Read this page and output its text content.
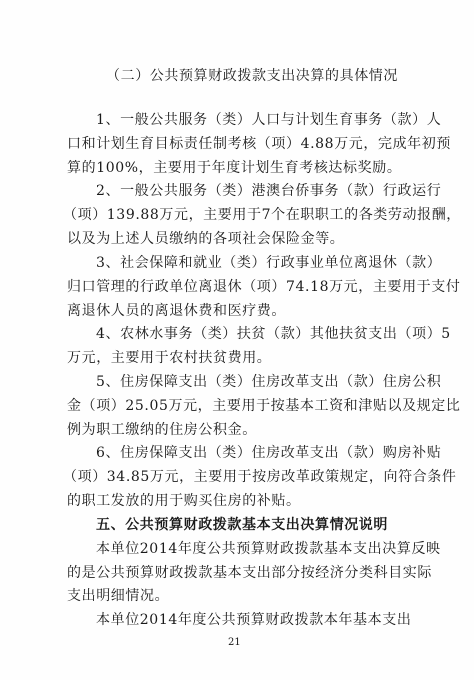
（二）公共预算财政拨款支出决算的具体情况
1、一般公共服务（类）人口与计划生育事务（款）人
口和计划生育目标责任制考核（项）4.88万元，完成年初预
算的100%，主要用于年度计划生育考核达标奖励。
2、一般公共服务（类）港澳台侨事务（款）行政运行
（项）139.88万元，主要用于7个在职职工的各类劳动报酬，
以及为上述人员缴纳的各项社会保险金等。
3、社会保障和就业（类）行政事业单位离退休（款）
归口管理的行政单位离退休（项）74.18万元，主要用于支付
离退休人员的离退休费和医疗费。
4、农林水事务（类）扶贫（款）其他扶贫支出（项）5
万元，主要用于农村扶贫费用。
5、住房保障支出（类）住房改革支出（款）住房公积
金（项）25.05万元，主要用于按基本工资和津贴以及规定比
例为职工缴纳的住房公积金。
6、住房保障支出（类）住房改革支出（款）购房补贴
（项）34.85万元，主要用于按房改革政策规定，向符合条件
的职工发放的用于购买住房的补贴。
五、公共预算财政拨款基本支出决算情况说明
本单位2014年度公共预算财政拨款基本支出决算反映
的是公共预算财政拨款基本支出部分按经济分类科目实际
支出明细情况。
本单位2014年度公共预算财政拨款本年基本支出
21
